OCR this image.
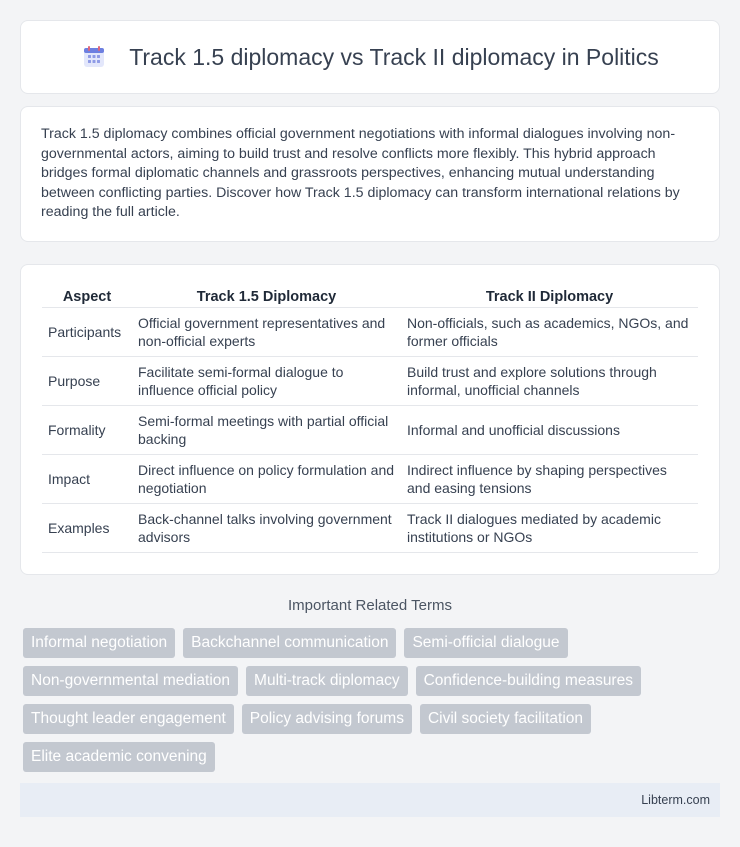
Track 1.5 diplomacy vs Track II diplomacy in Politics

Track 1.5 diplomacy combines official government negotiations with informal dialogues involving non-governmental actors, aiming to build trust and resolve conflicts more flexibly. This hybrid approach bridges formal diplomatic channels and grassroots perspectives, enhancing mutual understanding between conflicting parties. Discover how Track 1.5 diplomacy can transform international relations by reading the full article.

Aspect	Track 1.5 Diplomacy	Track II Diplomacy
Participants	Official government representatives and non-official experts	Non-officials, such as academics, NGOs, and former officials
Purpose	Facilitate semi-formal dialogue to influence official policy	Build trust and explore solutions through informal, unofficial channels
Formality	Semi-formal meetings with partial official backing	Informal and unofficial discussions
Impact	Direct influence on policy formulation and negotiation	Indirect influence by shaping perspectives and easing tensions
Examples	Back-channel talks involving government advisors	Track II dialogues mediated by academic institutions or NGOs
Important Related Terms
Informal negotiation	Backchannel communication	Semi-official dialogue
Non-governmental mediation	Multi-track diplomacy	Confidence-building measures
Thought leader engagement	Policy advising forums	Civil society facilitation
Elite academic convening
Libterm.com
